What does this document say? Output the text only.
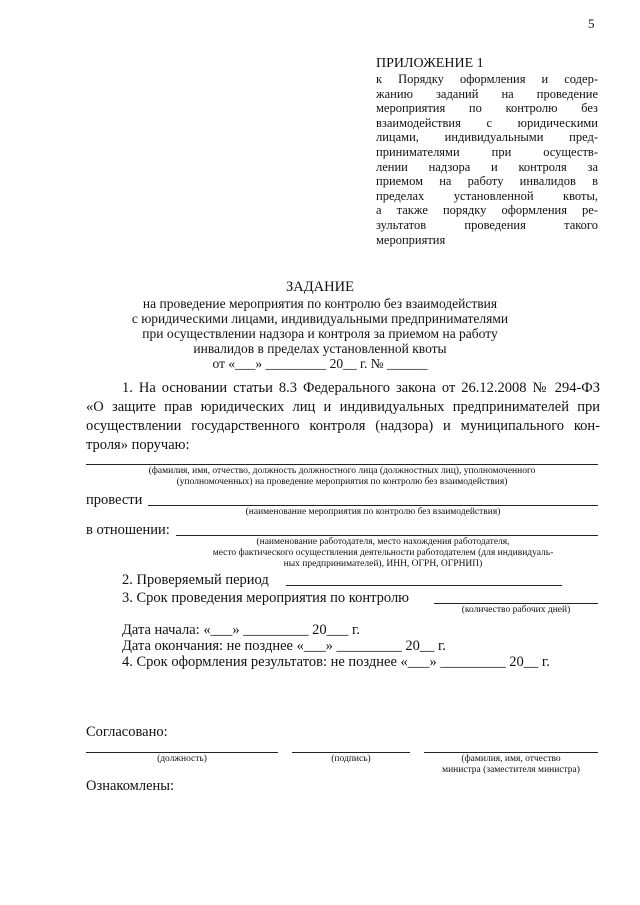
5
ПРИЛОЖЕНИЕ 1
к Порядку оформления и содер-
жанию заданий на проведение
мероприятия по контролю без
взаимодействия с юридическими
лицами, индивидуальными пред-
принимателями при осуществ-
лении надзора и контроля за
приемом на работу инвалидов в
пределах установленной квоты,
а также порядку оформления ре-
зультатов проведения такого
мероприятия
ЗАДАНИЕ
на проведение мероприятия по контролю без взаимодействия
с юридическими лицами, индивидуальными предпринимателями
при осуществлении надзора и контроля за приемом на работу
инвалидов в пределах установленной квоты
от «___» _________ 20__ г. № ______
1. На основании статьи 8.3 Федерального закона от 26.12.2008 № 294-ФЗ
«О защите прав юридических лиц и индивидуальных предпринимателей при
осуществлении государственного контроля (надзора) и муниципального кон-
троля» поручаю:
(фамилия, имя, отчество, должность должностного лица (должностных лиц), уполномоченного
(уполномоченных) на проведение мероприятия по контролю без взаимодействия)
провести
(наименование мероприятия по контролю без взаимодействия)
в отношении:
(наименование работодателя, место нахождения работодателя,
место фактического осуществления деятельности работодателем (для индивидуаль-
ных предпринимателей), ИНН, ОГРН, ОГРНИП)
2. Проверяемый период
3. Срок проведения мероприятия по контролю
(количество рабочих дней)
Дата начала: «___» _________ 20___ г.
Дата окончания: не позднее «___» _________ 20__ г.
4. Срок оформления результатов: не позднее «___» _________ 20__ г.
Согласовано:
(должность)	(подпись)	(фамилия, имя, отчество
министра (заместителя министра)
Ознакомлены:
